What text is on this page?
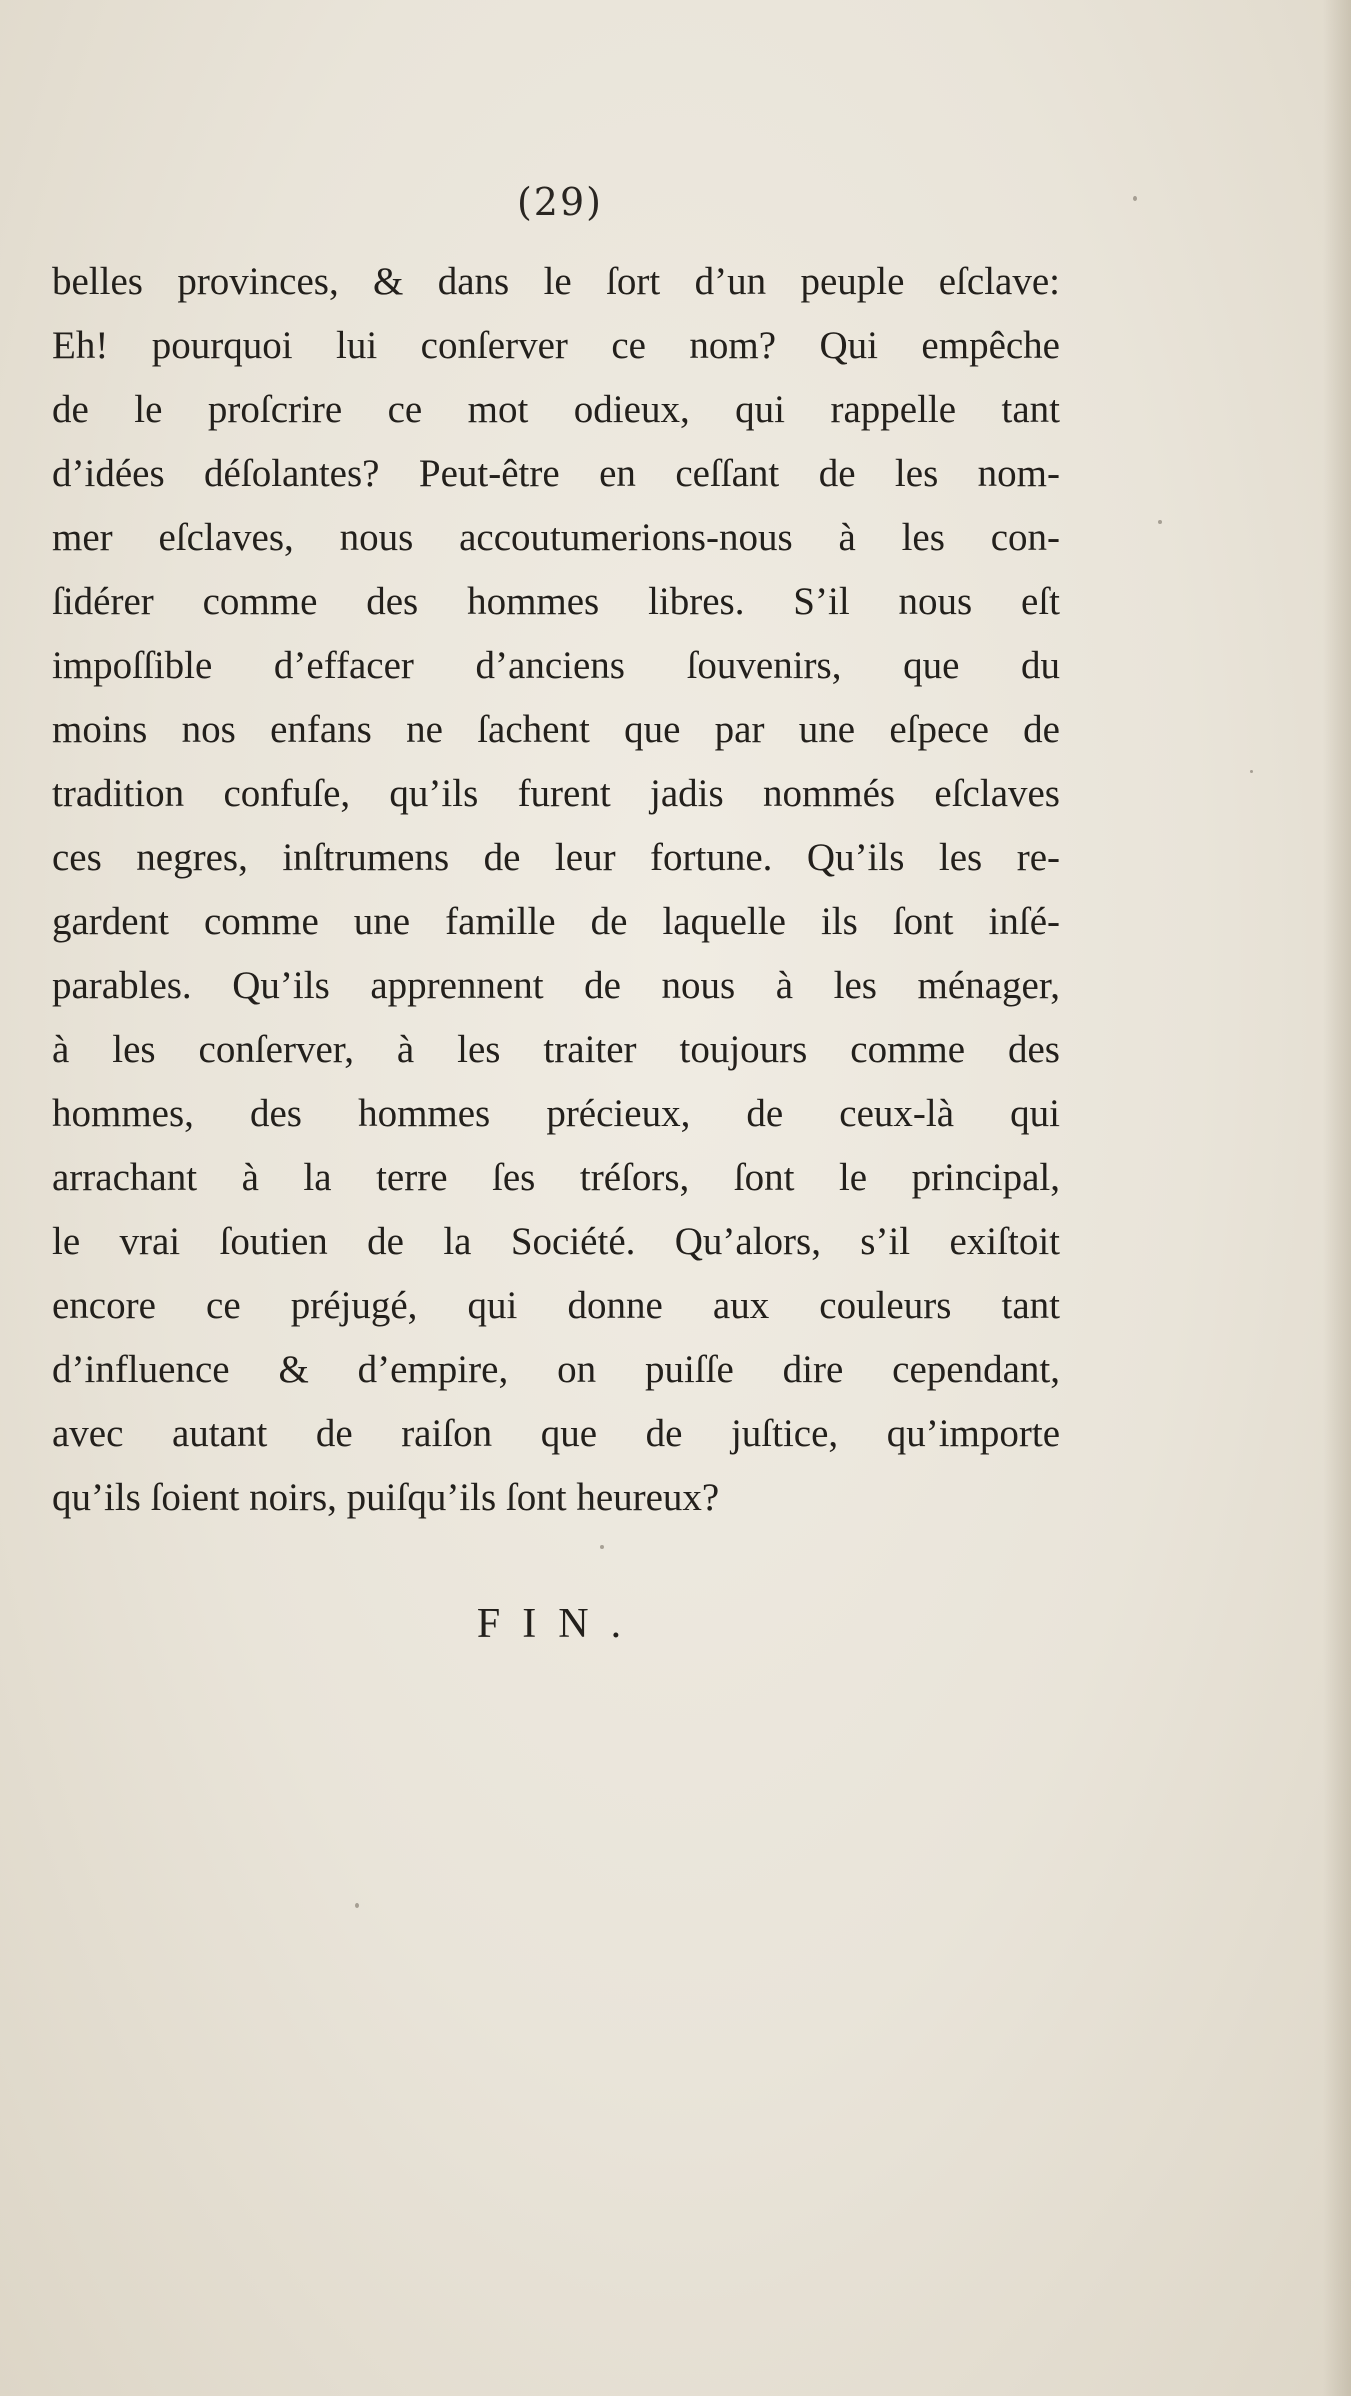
(29)
belles provinces, & dans le ſort d’un peuple eſclave:
Eh! pourquoi lui conſerver ce nom? Qui empêche
de le proſcrire ce mot odieux, qui rappelle tant
d’idées déſolantes? Peut-être en ceſſant de les nom-
mer eſclaves, nous accoutumerions-nous à les con-
ſidérer comme des hommes libres. S’il nous eſt
impoſſible d’effacer d’anciens ſouvenirs, que du
moins nos enfans ne ſachent que par une eſpece de
tradition confuſe, qu’ils furent jadis nommés eſclaves
ces negres, inſtrumens de leur fortune. Qu’ils les re-
gardent comme une famille de laquelle ils ſont inſé-
parables. Qu’ils apprennent de nous à les ménager,
à les conſerver, à les traiter toujours comme des
hommes, des hommes précieux, de ceux-là qui
arrachant à la terre ſes tréſors, ſont le principal,
le vrai ſoutien de la Société. Qu’alors, s’il exiſtoit
encore ce préjugé, qui donne aux couleurs tant
d’influence & d’empire, on puiſſe dire cependant,
avec autant de raiſon que de juſtice, qu’importe
qu’ils ſoient noirs, puiſqu’ils ſont heureux?
FIN.
